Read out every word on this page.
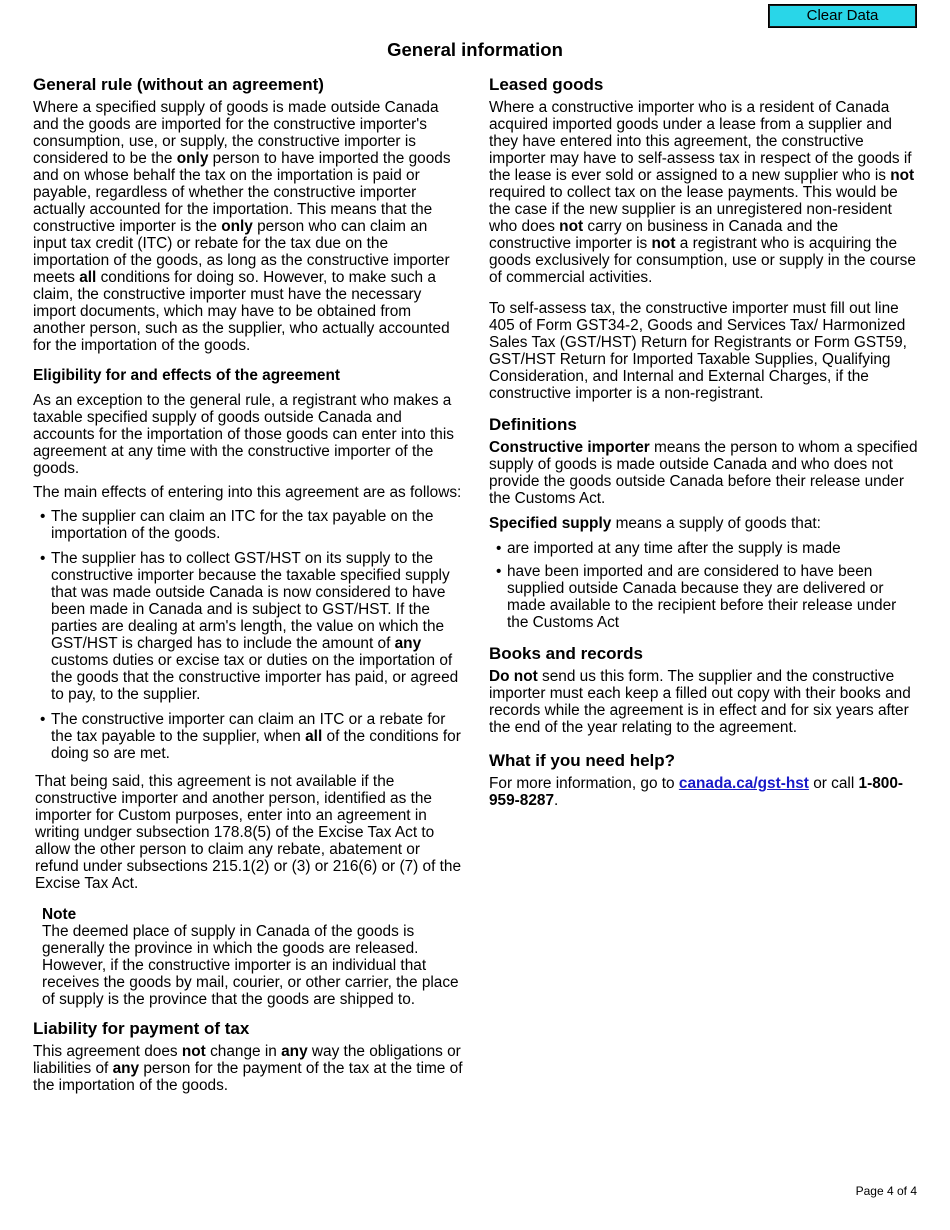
Clear Data
General information
General rule (without an agreement)

Where a specified supply of goods is made outside Canada and the goods are imported for the constructive importer's consumption, use, or supply, the constructive importer is considered to be the only person to have imported the goods and on whose behalf the tax on the importation is paid or payable, regardless of whether the constructive importer actually accounted for the importation. This means that the constructive importer is the only person who can claim an input tax credit (ITC) or rebate for the tax due on the importation of the goods, as long as the constructive importer meets all conditions for doing so. However, to make such a claim, the constructive importer must have the necessary import documents, which may have to be obtained from another person, such as the supplier, who actually accounted for the importation of the goods.

Eligibility for and effects of the agreement

As an exception to the general rule, a registrant who makes a taxable specified supply of goods outside Canada and accounts for the importation of those goods can enter into this agreement at any time with the constructive importer of the goods.

The main effects of entering into this agreement are as follows:

• The supplier can claim an ITC for the tax payable on the importation of the goods.
• The supplier has to collect GST/HST on its supply to the constructive importer because the taxable specified supply that was made outside Canada is now considered to have been made in Canada and is subject to GST/HST. If the parties are dealing at arm's length, the value on which the GST/HST is charged has to include the amount of any customs duties or excise tax or duties on the importation of the goods that the constructive importer has paid, or agreed to pay, to the supplier.
• The constructive importer can claim an ITC or a rebate for the tax payable to the supplier, when all of the conditions for doing so are met.

That being said, this agreement is not available if the constructive importer and another person, identified as the importer for Custom purposes, enter into an agreement in writing undger subsection 178.8(5) of the Excise Tax Act to allow the other person to claim any rebate, abatement or refund under subsections 215.1(2) or (3) or 216(6) or (7) of the Excise Tax Act.

Note

The deemed place of supply in Canada of the goods is generally the province in which the goods are released. However, if the constructive importer is an individual that receives the goods by mail, courier, or other carrier, the place of supply is the province that the goods are shipped to.

Liability for payment of tax

This agreement does not change in any way the obligations or liabilities of any person for the payment of the tax at the time of the importation of the goods.

Leased goods

Where a constructive importer who is a resident of Canada acquired imported goods under a lease from a supplier and they have entered into this agreement, the constructive importer may have to self-assess tax in respect of the goods if the lease is ever sold or assigned to a new supplier who is not required to collect tax on the lease payments. This would be the case if the new supplier is an unregistered non-resident who does not carry on business in Canada and the constructive importer is not a registrant who is acquiring the goods exclusively for consumption, use or supply in the course of commercial activities.

To self-assess tax, the constructive importer must fill out line 405 of Form GST34-2, Goods and Services Tax/ Harmonized Sales Tax (GST/HST) Return for Registrants or Form GST59, GST/HST Return for Imported Taxable Supplies, Qualifying Consideration, and Internal and External Charges, if the constructive importer is a non-registrant.

Definitions

Constructive importer means the person to whom a specified supply of goods is made outside Canada and who does not provide the goods outside Canada before their release under the Customs Act.

Specified supply means a supply of goods that:

• are imported at any time after the supply is made
• have been imported and are considered to have been supplied outside Canada because they are delivered or made available to the recipient before their release under the Customs Act
Books and records

Do not send us this form. The supplier and the constructive importer must each keep a filled out copy with their books and records while the agreement is in effect and for six years after the end of the year relating to the agreement.

What if you need help?

For more information, go to canada.ca/gst-hst or call 1-800-959-8287.

Page 4 of 4
